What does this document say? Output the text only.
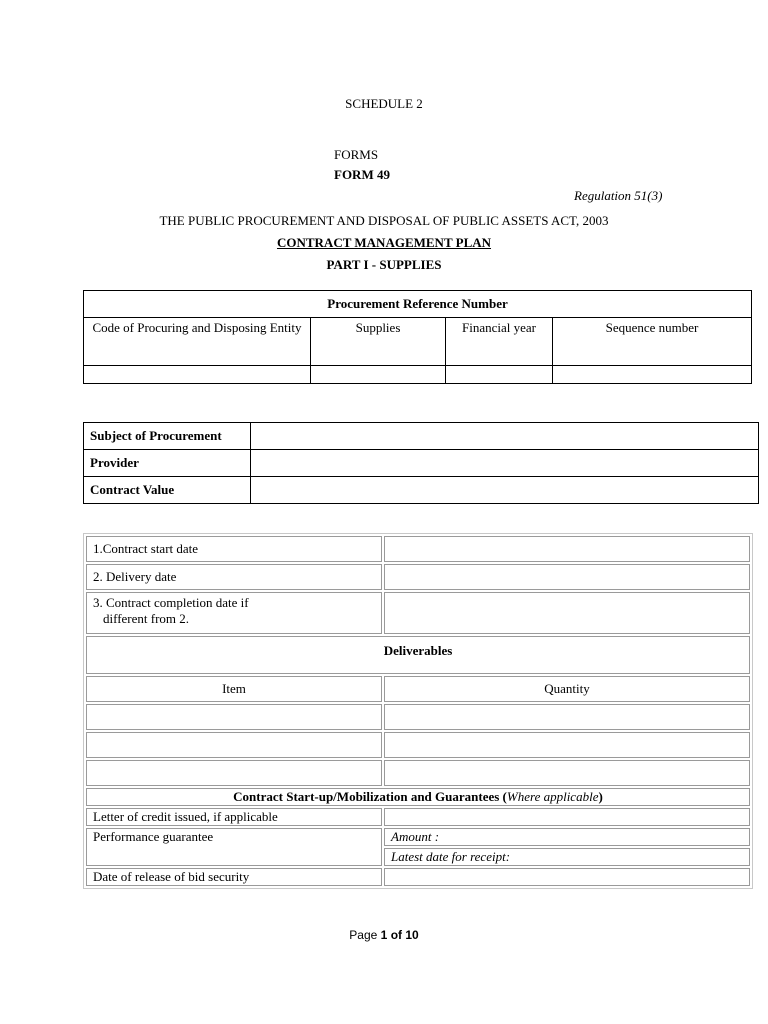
SCHEDULE 2
FORMS
FORM 49
Regulation 51(3)
THE PUBLIC PROCUREMENT AND DISPOSAL OF PUBLIC ASSETS ACT, 2003
CONTRACT MANAGEMENT PLAN
PART I - SUPPLIES
Procurement Reference Number			
Code of Procuring and Disposing Entity	Supplies	Financial year	Sequence number

Subject of Procurement	
Provider	
Contract Value	
1.Contract start date	
2. Delivery date	

3. Contract completion date if
different from 2.	

Deliverables	
Item	Quantity

Contract Start-up/Mobilization and Guarantees (Where applicable)	
Letter of credit issued, if applicable	
Performance guarantee	Amount :
	Latest date for receipt:
Date of release of bid security	
Page 1 of 10
